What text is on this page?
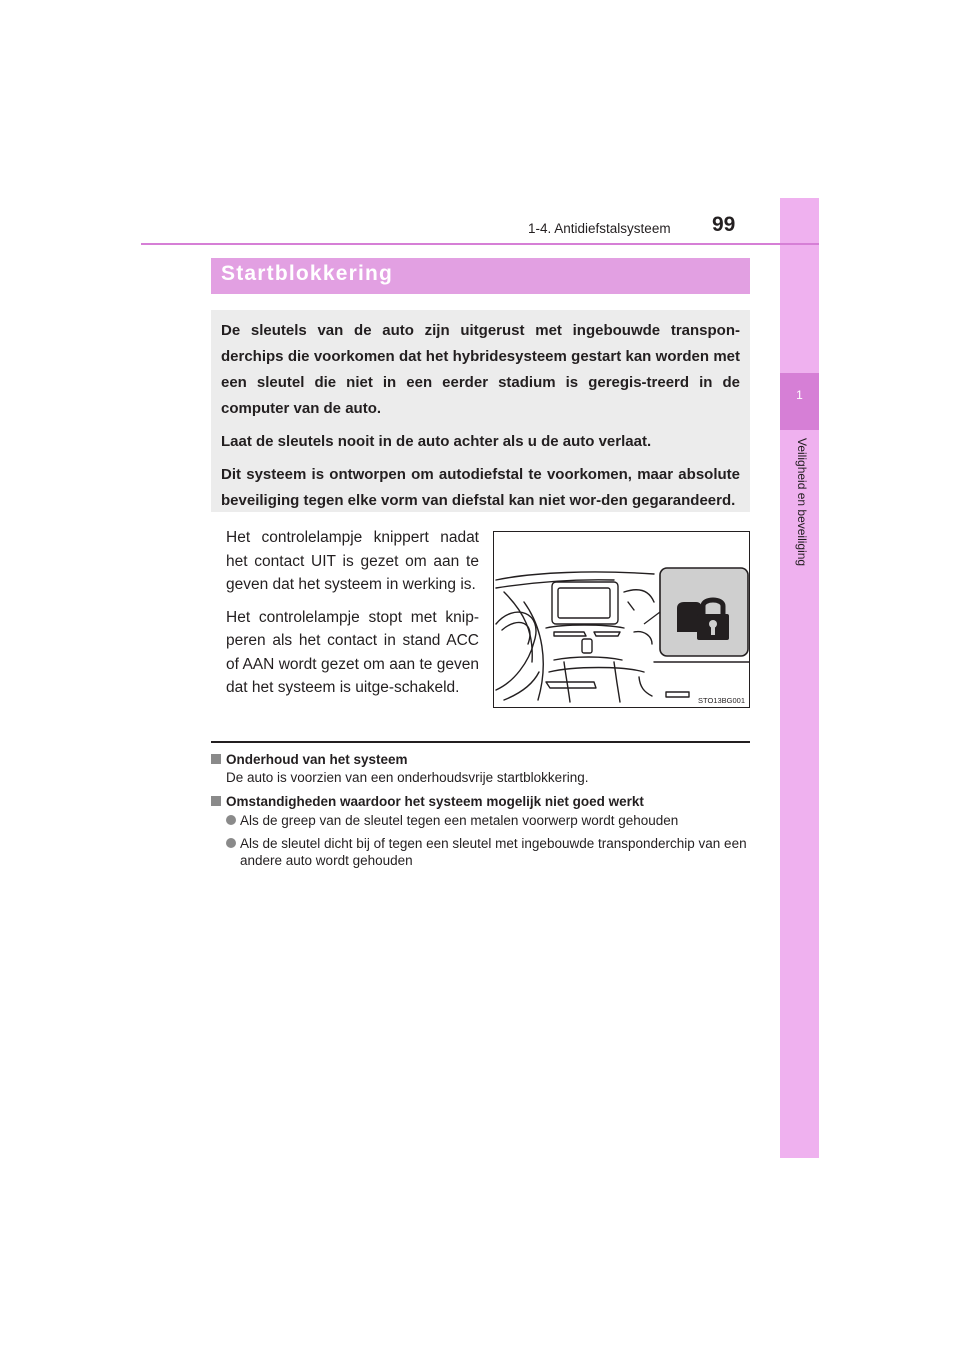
1
Veiligheid en beveiliging
1-4. Antidiefstalsysteem	99
Startblokkering

De sleutels van de auto zijn uitgerust met ingebouwde transpon-derchips die voorkomen dat het hybridesysteem gestart kan worden met een sleutel die niet in een eerder stadium is geregis-treerd in de computer van de auto.

Laat de sleutels nooit in de auto achter als u de auto verlaat.

Dit systeem is ontworpen om autodiefstal te voorkomen, maar absolute beveiliging tegen elke vorm van diefstal kan niet wor-den gegarandeerd.

Het controlelampje knippert nadat het contact UIT is gezet om aan te geven dat het systeem in werking is.

Het controlelampje stopt met knip-peren als het contact in stand ACC of AAN wordt gezet om aan te geven dat het systeem is uitge-schakeld.

STO13BG001

Onderhoud van het systeem

De auto is voorzien van een onderhoudsvrije startblokkering.

Omstandigheden waardoor het systeem mogelijk niet goed werkt

Als de greep van de sleutel tegen een metalen voorwerp wordt gehouden

Als de sleutel dicht bij of tegen een sleutel met ingebouwde transponderchip van een andere auto wordt gehouden
